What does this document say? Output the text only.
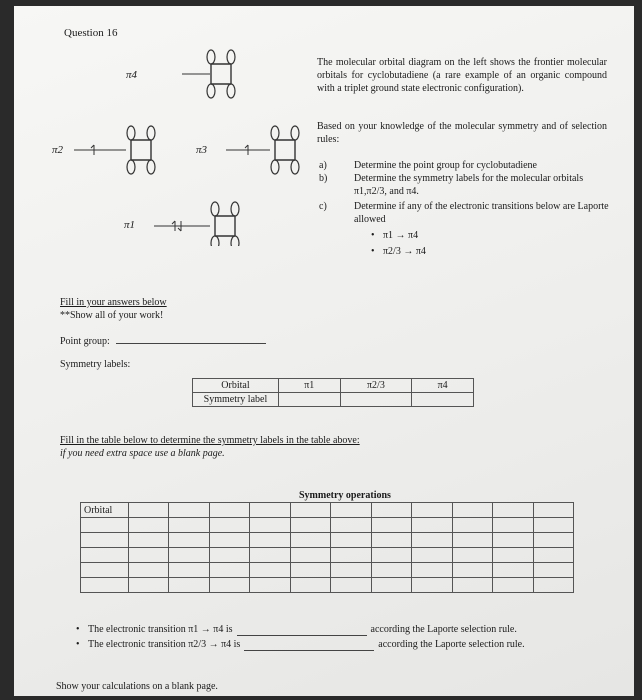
Question 16
π4
π2	π3
π1
The molecular orbital diagram on the left shows the frontier molecular orbitals for cyclobutadiene (a rare example of an organic compound with a triplet ground state electronic configuration).
Based on your knowledge of the molecular symmetry and of selection rules:
a)	Determine the point group for cyclobutadiene
b)	Determine the symmetry labels for the molecular orbitals π1,π2/3, and π4.
c)	Determine if any of the electronic transitions below are Laporte allowed
• π1 → π4
• π2/3 → π4
Fill in your answers below
**Show all of your work!
Point group:
Symmetry labels:
Orbital	π1	π2/3	π4
Symmetry label			
Fill in the table below to determine the symmetry labels in the table above:
if you need extra space use a blank page.
Symmetry operations
Orbital											

• The electronic transition π1 → π4 is	according the Laporte selection rule.
• The electronic transition π2/3 → π4 is	according the Laporte selection rule.
Show your calculations on a blank page.
